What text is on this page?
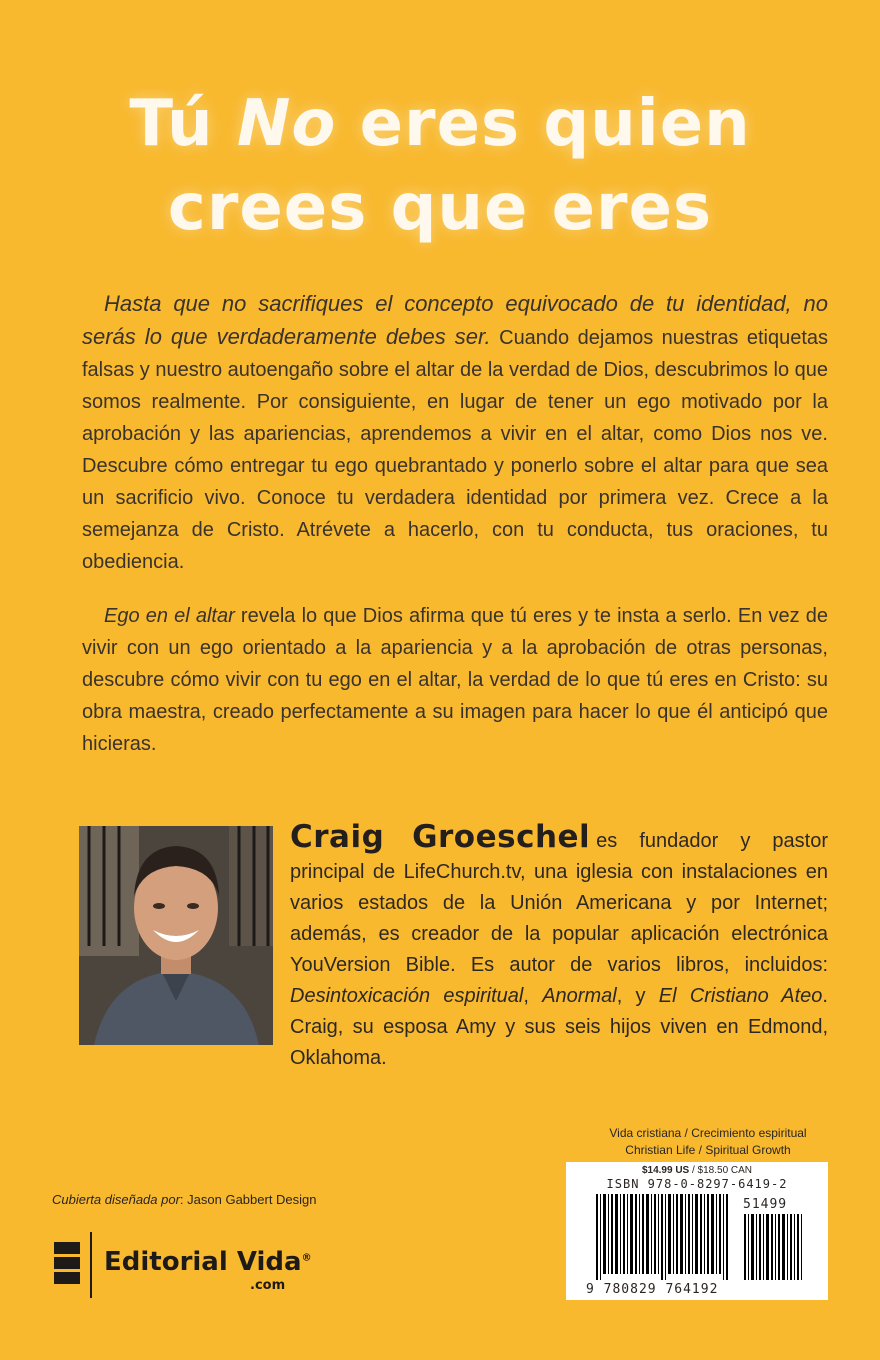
Tú No eres quien
crees que eres

Hasta que no sacrifiques el concepto equivocado de tu identidad, no serás lo que verdaderamente debes ser. Cuando dejamos nuestras etiquetas falsas y nuestro autoengaño sobre el altar de la verdad de Dios, descubrimos lo que somos realmente. Por consiguiente, en lugar de tener un ego motivado por la aprobación y las apariencias, aprendemos a vivir en el altar, como Dios nos ve. Descubre cómo entregar tu ego quebrantado y ponerlo sobre el altar para que sea un sacrificio vivo. Conoce tu verdadera identidad por primera vez. Crece a la semejanza de Cristo. Atrévete a hacerlo, con tu conducta, tus oraciones, tu obediencia.

Ego en el altar revela lo que Dios afirma que tú eres y te insta a serlo. En vez de vivir con un ego orientado a la apariencia y a la aprobación de otras personas, descubre cómo vivir con tu ego en el altar, la verdad de lo que tú eres en Cristo: su obra maestra, creado perfectamente a su imagen para hacer lo que él anticipó que hicieras.

Craig Groeschel es fundador y pastor principal de LifeChurch.tv, una iglesia con instalaciones en varios estados de la Unión Americana y por Internet; además, es creador de la popular aplicación electrónica YouVersion Bible. Es autor de varios libros, incluidos: Desintoxicación espiritual, Anormal, y El Cristiano Ateo. Craig, su esposa Amy y sus seis hijos viven en Edmond, Oklahoma.
Vida cristiana / Crecimiento espiritual
Christian Life / Spiritual Growth
$14.99 US / $18.50 CAN
ISBN 978-0-8297-6419-2
51499
9 780829 764192
Cubierta diseñada por: Jason Gabbert Design
Editorial Vida®
.com
